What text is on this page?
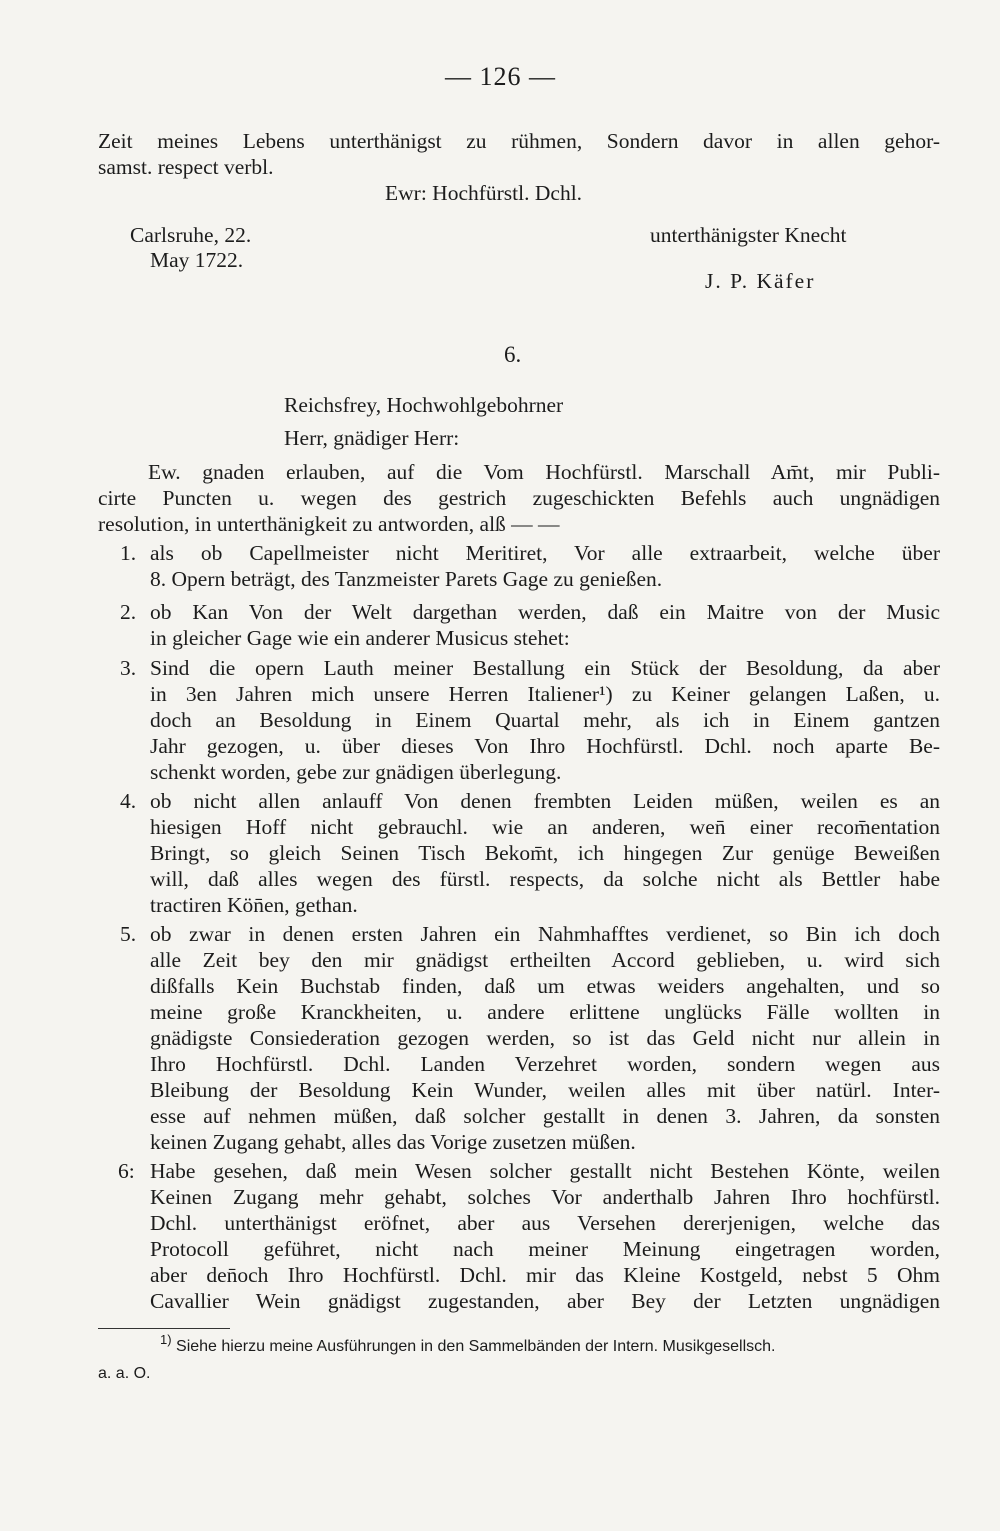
— 126 —
Zeit meines Lebens unterthänigst zu rühmen, Sondern davor in allen gehor-
samst. respect verbl.
Ewr: Hochfürstl. Dchl.
Carlsruhe, 22.	unterthänigster Knecht
May 1722.
J. P. Käfer
6.
Reichsfrey, Hochwohlgebohrner
Herr, gnädiger Herr:
Ew. gnaden erlauben, auf die Vom Hochfürstl. Marschall Am̄t, mir Publi-
cirte Puncten u. wegen des gestrich zugeschickten Befehls auch ungnädigen
resolution, in unterthänigkeit zu antworden, alß — —
1. als ob Capellmeister nicht Meritiret, Vor alle extraarbeit, welche über
8. Opern beträgt, des Tanzmeister Parets Gage zu genießen.
2. ob Kan Von der Welt dargethan werden, daß ein Maitre von der Music
in gleicher Gage wie ein anderer Musicus stehet:
3. Sind die opern Lauth meiner Bestallung ein Stück der Besoldung, da aber
in 3en Jahren mich unsere Herren Italiener¹) zu Keiner gelangen Laßen, u.
doch an Besoldung in Einem Quartal mehr, als ich in Einem gantzen
Jahr gezogen, u. über dieses Von Ihro Hochfürstl. Dchl. noch aparte Be-
schenkt worden, gebe zur gnädigen überlegung.
4. ob nicht allen anlauff Von denen frembten Leiden müßen, weilen es an
hiesigen Hoff nicht gebrauchl. wie an anderen, wen̄ einer recom̄entation
Bringt, so gleich Seinen Tisch Bekom̄t, ich hingegen Zur genüge Beweißen
will, daß alles wegen des fürstl. respects, da solche nicht als Bettler habe
tractiren Kön̄en, gethan.
5. ob zwar in denen ersten Jahren ein Nahmhafftes verdienet, so Bin ich doch
alle Zeit bey den mir gnädigst ertheilten Accord geblieben, u. wird sich
dißfalls Kein Buchstab finden, daß um etwas weiders angehalten, und so
meine große Kranckheiten, u. andere erlittene unglücks Fälle wollten in
gnädigste Consiederation gezogen werden, so ist das Geld nicht nur allein in
Ihro Hochfürstl. Dchl. Landen Verzehret worden, sondern wegen aus
Bleibung der Besoldung Kein Wunder, weilen alles mit über natürl. Inter-
esse auf nehmen müßen, daß solcher gestallt in denen 3. Jahren, da sonsten
keinen Zugang gehabt, alles das Vorige zusetzen müßen.
6: Habe gesehen, daß mein Wesen solcher gestallt nicht Bestehen Könte, weilen
Keinen Zugang mehr gehabt, solches Vor anderthalb Jahren Ihro hochfürstl.
Dchl. unterthänigst eröfnet, aber aus Versehen dererjenigen, welche das
Protocoll geführet, nicht nach meiner Meinung eingetragen worden,
aber den̄och Ihro Hochfürstl. Dchl. mir das Kleine Kostgeld, nebst 5 Ohm
Cavallier Wein gnädigst zugestanden, aber Bey der Letzten ungnädigen
$^{1)}$ Siehe hierzu meine Ausführungen in den Sammelbänden der Intern. Musikgesellsch.
a. a. O.
